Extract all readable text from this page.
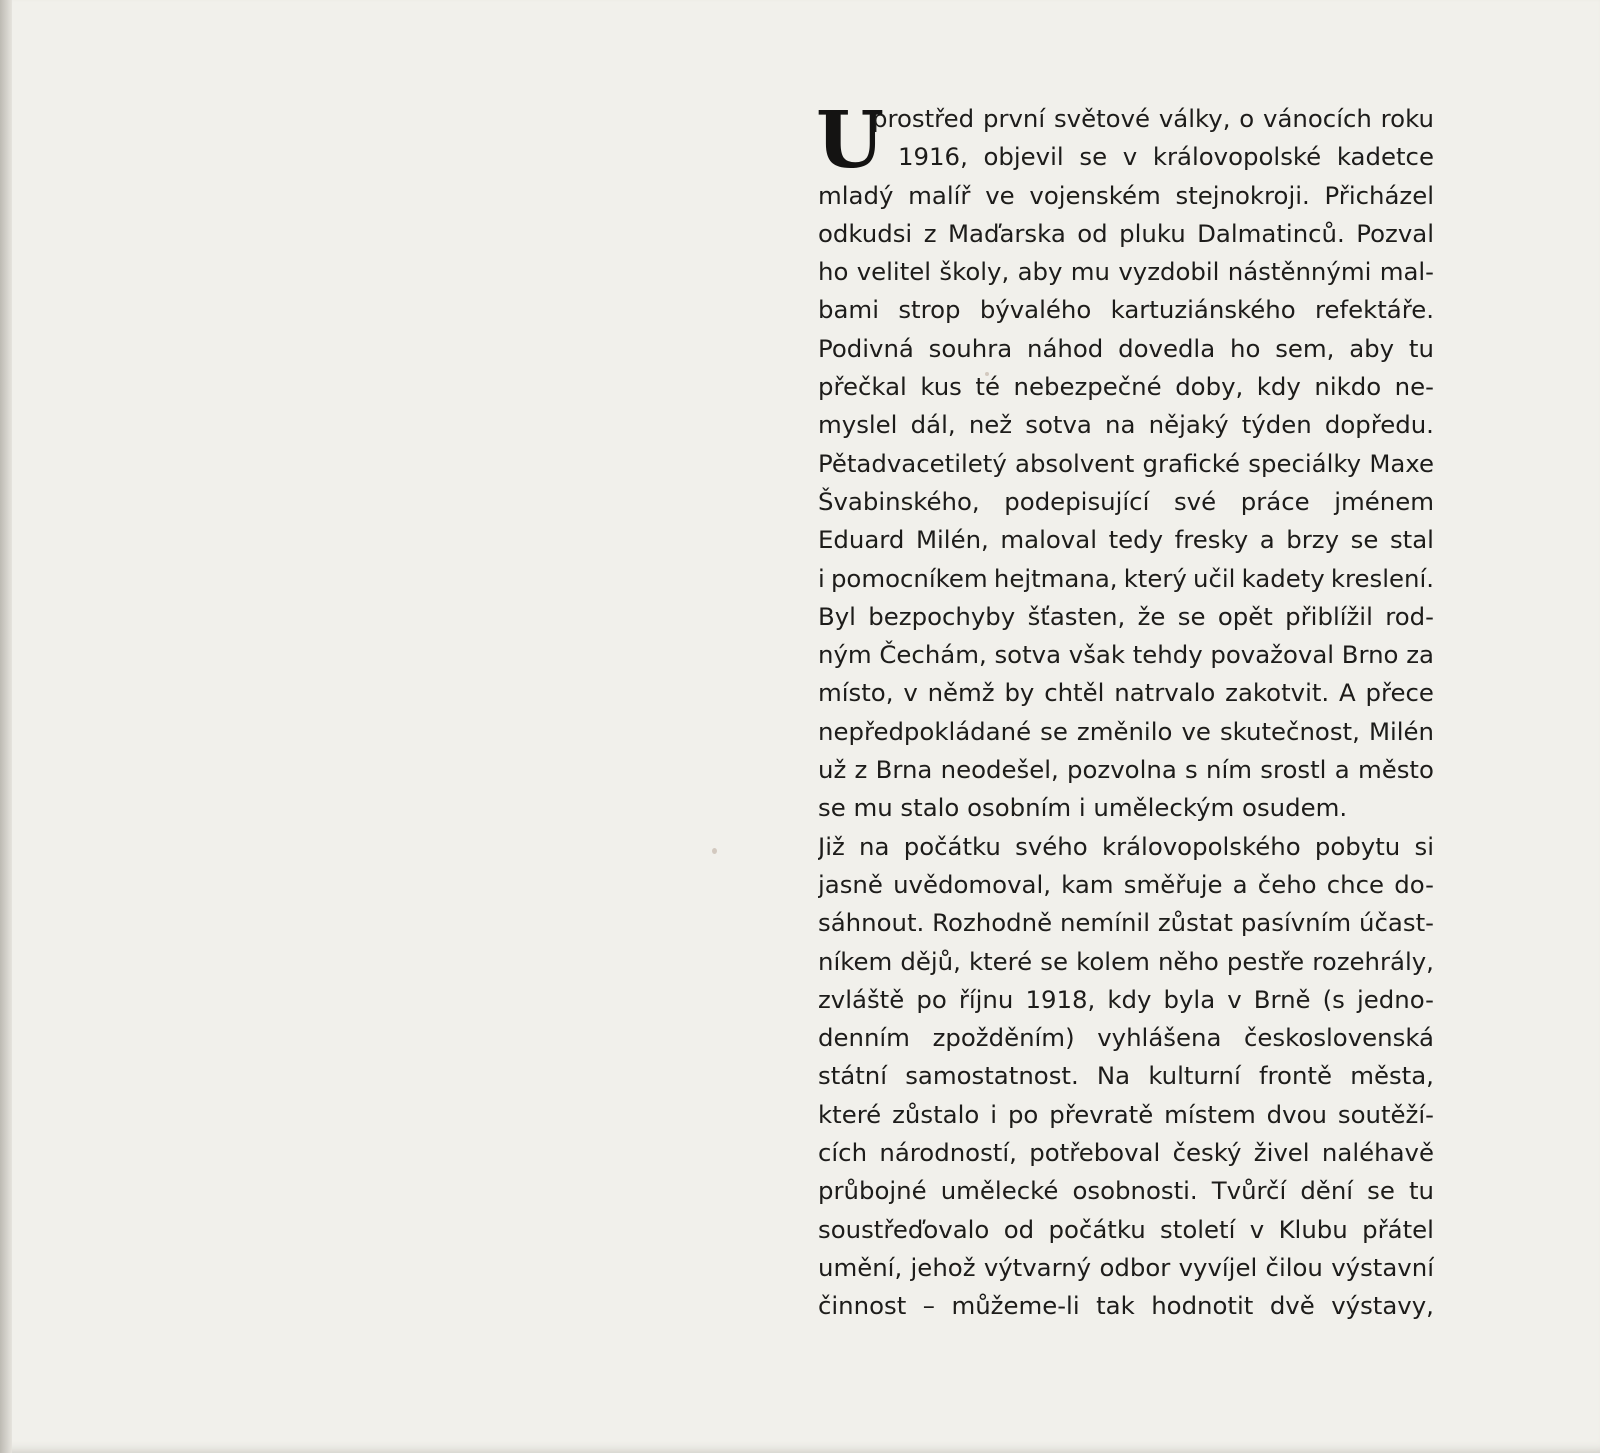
U
prostřed první světové války, o vánocích roku
1916, objevil se v královopolské kadetce
mladý malíř ve vojenském stejnokroji. Přicházel
odkudsi z Maďarska od pluku Dalmatinců. Pozval
ho velitel školy, aby mu vyzdobil nástěnnými mal-
bami strop bývalého kartuziánského refektáře.
Podivná souhra náhod dovedla ho sem, aby tu
přečkal kus té nebezpečné doby, kdy nikdo ne-
myslel dál, než sotva na nějaký týden dopředu.
Pětadvacetiletý absolvent grafické speciálky Maxe
Švabinského, podepisující své práce jménem
Eduard Milén, maloval tedy fresky a brzy se stal
i pomocníkem hejtmana, který učil kadety kreslení.
Byl bezpochyby šťasten, že se opět přiblížil rod-
ným Čechám, sotva však tehdy považoval Brno za
místo, v němž by chtěl natrvalo zakotvit. A přece
nepředpokládané se změnilo ve skutečnost, Milén
už z Brna neodešel, pozvolna s ním srostl a město
se mu stalo osobním i uměleckým osudem.
Již na počátku svého královopolského pobytu si
jasně uvědomoval, kam směřuje a čeho chce do-
sáhnout. Rozhodně nemínil zůstat pasívním účast-
níkem dějů, které se kolem něho pestře rozehrály,
zvláště po říjnu 1918, kdy byla v Brně (s jedno-
denním zpožděním) vyhlášena československá
státní samostatnost. Na kulturní frontě města,
které zůstalo i po převratě místem dvou soutěží-
cích národností, potřeboval český živel naléhavě
průbojné umělecké osobnosti. Tvůrčí dění se tu
soustřeďovalo od počátku století v Klubu přátel
umění, jehož výtvarný odbor vyvíjel čilou výstavní
činnost – můžeme-li tak hodnotit dvě výstavy,
